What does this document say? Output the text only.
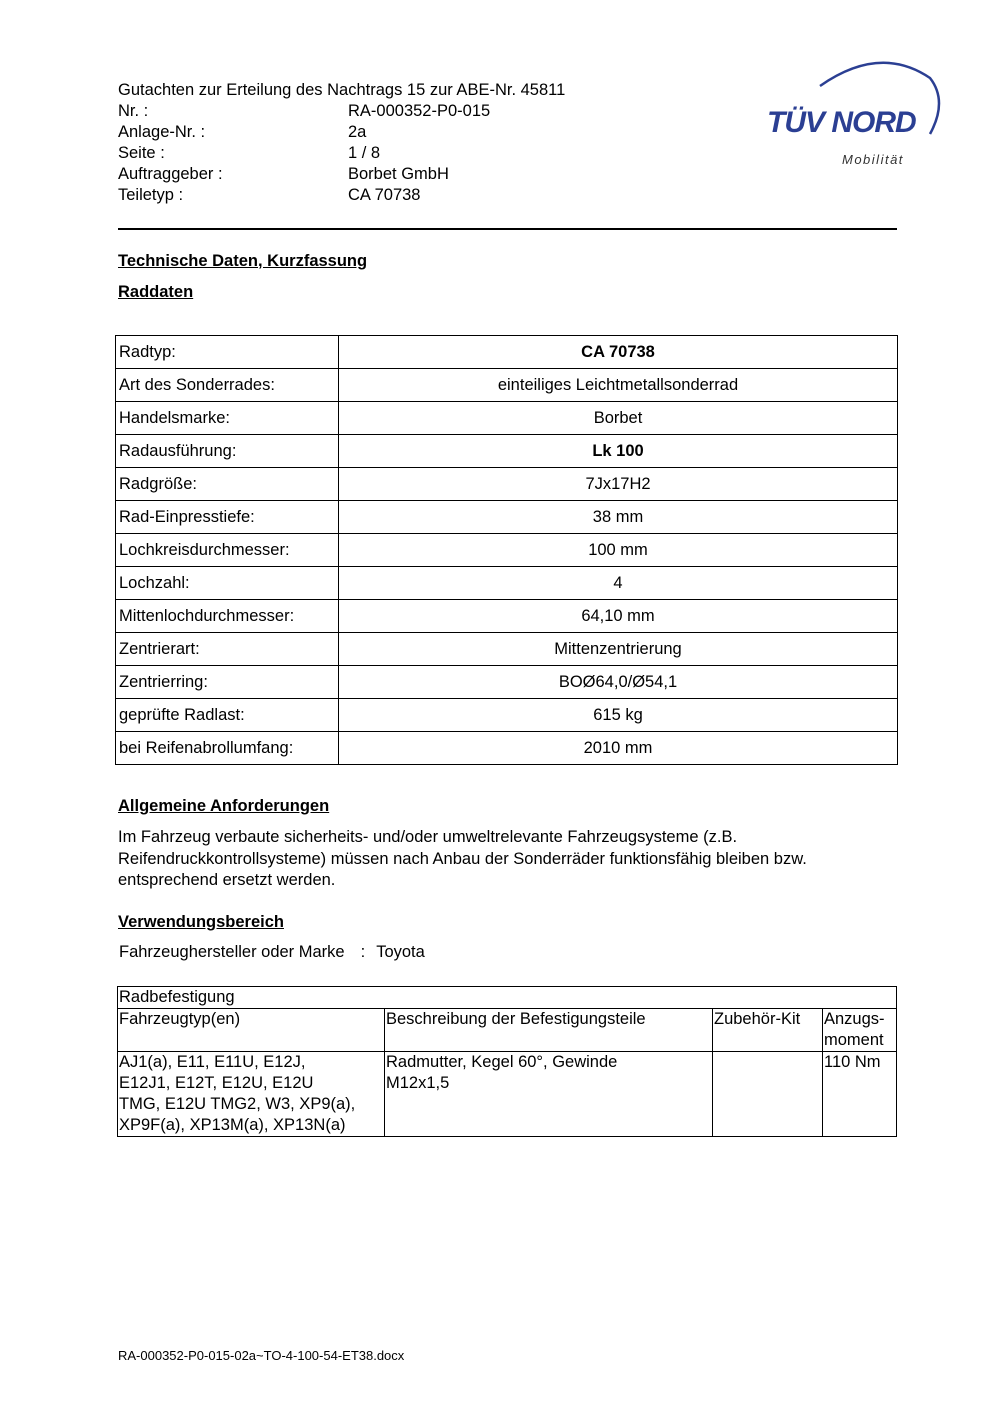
Gutachten zur Erteilung des Nachtrags 15 zur ABE-Nr. 45811
Nr. :	RA-000352-P0-015
Anlage-Nr. :	2a
Seite :	1 / 8
Auftraggeber :	Borbet GmbH
Teiletyp :	CA 70738
TÜV NORD
Mobilität
Technische Daten, Kurzfassung
Raddaten
Radtyp:	CA 70738
Art des Sonderrades:	einteiliges Leichtmetallsonderrad
Handelsmarke:	Borbet
Radausführung:	Lk 100
Radgröße:	7Jx17H2
Rad-Einpresstiefe:	38 mm
Lochkreisdurchmesser:	100 mm
Lochzahl:	4
Mittenlochdurchmesser:	64,10 mm
Zentrierart:	Mittenzentrierung
Zentrierring:	BOØ64,0/Ø54,1
geprüfte Radlast:	615 kg
bei Reifenabrollumfang:	2010 mm
Allgemeine Anforderungen
Im Fahrzeug verbaute sicherheits- und/oder umweltrelevante Fahrzeugsysteme (z.B.
Reifendruckkontrollsysteme) müssen nach Anbau der Sonderräder funktionsfähig bleiben bzw.
entsprechend ersetzt werden.
Verwendungsbereich
Fahrzeughersteller oder Marke : Toyota
Radbefestigung			
Fahrzeugtyp(en)	Beschreibung der Befestigungsteile	Zubehör-Kit	Anzugs-
moment
AJ1(a), E11, E11U, E12J,
E12J1, E12T, E12U, E12U
TMG, E12U TMG2, W3, XP9(a),
XP9F(a), XP13M(a), XP13N(a)	Radmutter, Kegel 60°, Gewinde
M12x1,5		110 Nm
RA-000352-P0-015-02a~TO-4-100-54-ET38.docx
